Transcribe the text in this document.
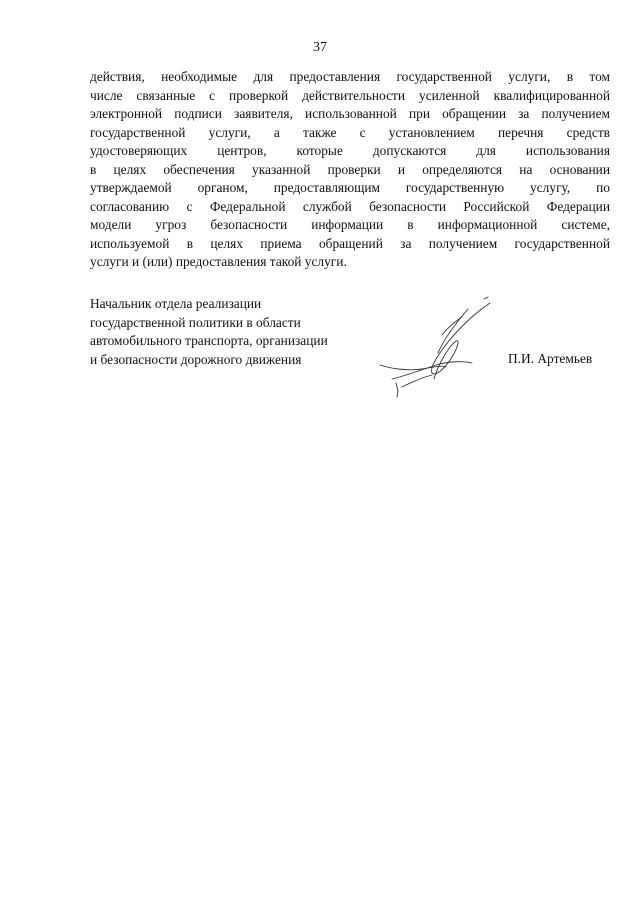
37
действия, необходимые для предоставления государственной услуги, в том
числе связанные с проверкой действительности усиленной квалифицированной
электронной подписи заявителя, использованной при обращении за получением
государственной услуги, а также с установлением перечня средств
удостоверяющих центров, которые допускаются для использования
в целях обеспечения указанной проверки и определяются на основании
утверждаемой органом, предоставляющим государственную услугу, по
согласованию с Федеральной службой безопасности Российской Федерации
модели угроз безопасности информации в информационной системе,
используемой в целях приема обращений за получением государственной
услуги и (или) предоставления такой услуги.
Начальник отдела реализации
государственной политики в области
автомобильного транспорта, организации
и безопасности дорожного движения	П.И. Артемьев
